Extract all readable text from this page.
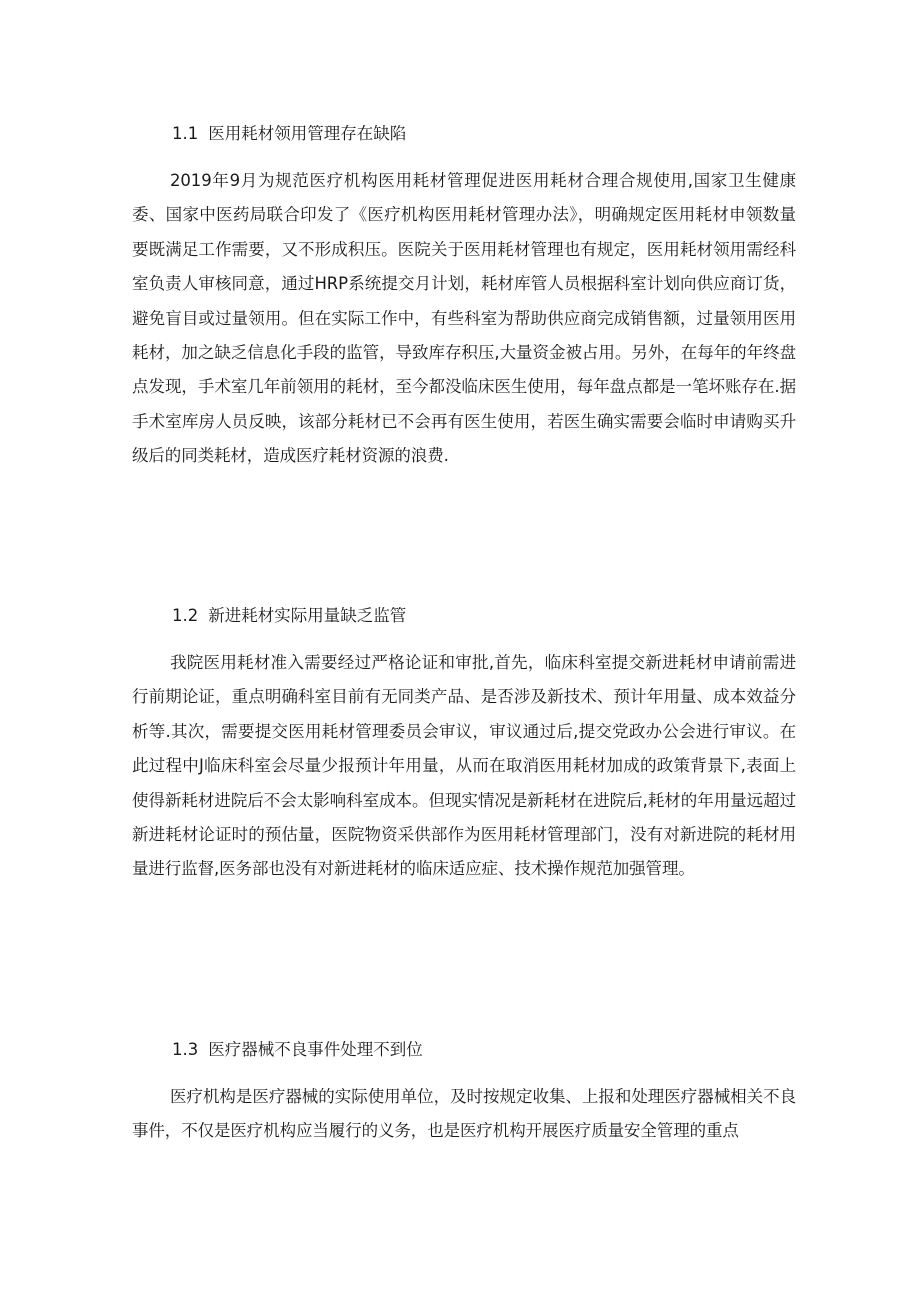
1.1 医用耗材领用管理存在缺陷

2019年9月为规范医疗机构医用耗材管理促进医用耗材合理合规使用,国家卫生健康委、国家中医药局联合印发了《医疗机构医用耗材管理办法》，明确规定医用耗材申领数量要既满足工作需要，又不形成积压。医院关于医用耗材管理也有规定，医用耗材领用需经科室负责人审核同意，通过HRP系统提交月计划，耗材库管人员根据科室计划向供应商订货，避免盲目或过量领用。但在实际工作中，有些科室为帮助供应商完成销售额，过量领用医用耗材，加之缺乏信息化手段的监管，导致库存积压,大量资金被占用。另外，在每年的年终盘点发现，手术室几年前领用的耗材，至今都没临床医生使用，每年盘点都是一笔坏账存在.据手术室库房人员反映，该部分耗材已不会再有医生使用，若医生确实需要会临时申请购买升级后的同类耗材，造成医疗耗材资源的浪费.

1.2 新进耗材实际用量缺乏监管

我院医用耗材准入需要经过严格论证和审批,首先，临床科室提交新进耗材申请前需进行前期论证，重点明确科室目前有无同类产品、是否涉及新技术、预计年用量、成本效益分析等.其次，需要提交医用耗材管理委员会审议，审议通过后,提交党政办公会进行审议。在此过程中J临床科室会尽量少报预计年用量，从而在取消医用耗材加成的政策背景下,表面上使得新耗材进院后不会太影响科室成本。但现实情况是新耗材在进院后,耗材的年用量远超过新进耗材论证时的预估量，医院物资采供部作为医用耗材管理部门，没有对新进院的耗材用量进行监督,医务部也没有对新进耗材的临床适应症、技术操作规范加强管理。

1.3 医疗器械不良事件处理不到位

医疗机构是医疗器械的实际使用单位，及时按规定收集、上报和处理医疗器械相关不良事件，不仅是医疗机构应当履行的义务，也是医疗机构开展医疗质量安全管理的重点
